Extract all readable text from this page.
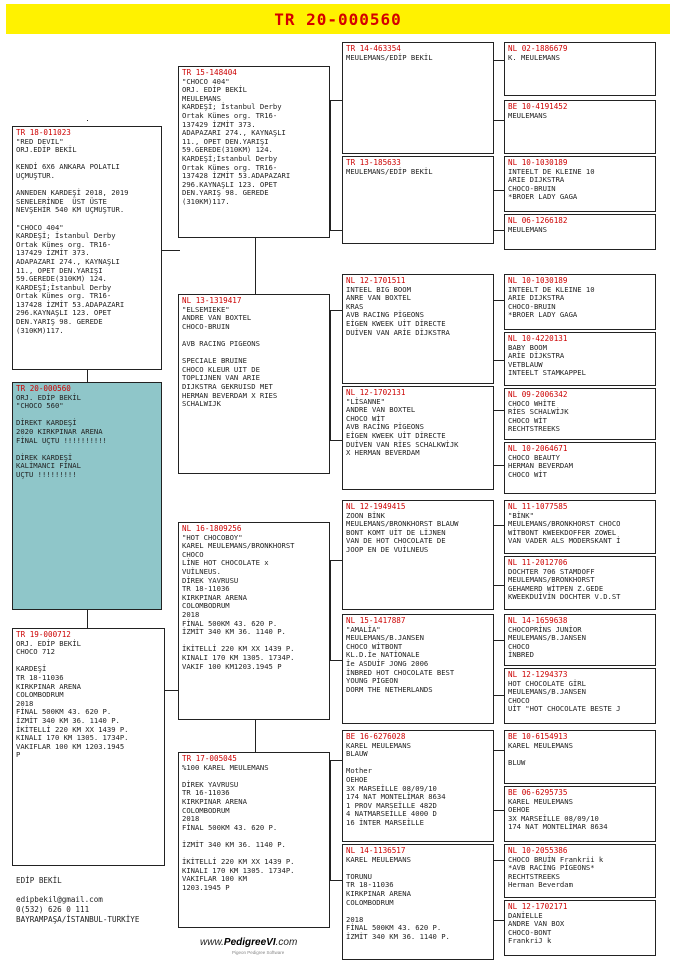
TR 20-000560
TR 18-011023
"RED DEVIL"
ORJ.EDİP BEKİL

KENDİ 6X6 ANKARA POLATLI
UÇMUŞTUR.

ANNEDEN KARDEŞİ 2018, 2019
SENELERİNDE  ÜST ÜSTE
NEVŞEHİR 540 KM UÇMUŞTUR.

"CHOCO 404"
KARDEŞİ; İstanbul Derby
Ortak Kümes org. TR16-
137429 İZMİT 373.
ADAPAZARI 274., KAYNAŞLI
11., OPET DEN.YARIŞI
59.GEREDE(310KM) 124.
KARDEŞİ;İstanbul Derby
Ortak Kümes org. TR16-
137428 İZMİT 53.ADAPAZARI
296.KAYNAŞLI 123. OPET
DEN.YARIŞ 98. GEREDE
(310KM)117.
TR 20-000560
ORJ. EDİP BEKİL
"CHOCO 560"

DİREKT KARDEŞİ
2020 KIRKPINAR ARENA
FİNAL UÇTU !!!!!!!!!!

DİREK KARDEŞİ
KALİMANCI FİNAL
UÇTU !!!!!!!!!
TR 19-000712
ORJ. EDİP BEKİL
CHOCO 712

KARDEŞİ
TR 18-11036
KIRKPINAR ARENA
COLOMBODRUM
2018
FİNAL 500KM 43. 620 P.
İZMİT 340 KM 36. 1140 P.
İKİTELLİ 220 KM XX 1439 P.
KINALI 170 KM 1305. 1734P.
VAKIFLAR 100 KM 1203.1945
P
TR 15-148404
"CHOCO 404"
ORJ. EDİP BEKİL
MEULEMANS
KARDEŞİ; İstanbul Derby
Ortak Kümes org. TR16-
137429 İZMİT 373.
ADAPAZARI 274., KAYNAŞLI
11., OPET DEN.YARIŞI
59.GEREDE(310KM) 124.
KARDEŞİ;İstanbul Derby
Ortak Kümes org. TR16-
137428 İZMİT 53.ADAPAZARI
296.KAYNAŞLI 123. OPET
DEN.YARIŞ 98. GEREDE
(310KM)117.
NL 13-1319417
"ELSEMIEKE"
ANDRE VAN BOXTEL
CHOCO-BRUIN

AVB RACING PIGEONS

SPECIALE BRUINE
CHOCO KLEUR UIT DE
TOPLIJNEN VAN ARIE
DIJKSTRA GEKRUISD MET
HERMAN BEVERDAM X RIES
SCHALWIJK
NL 16-1809256
"HOT CHOCOBOY"
KAREL MEULEMANS/BRONKHORST
CHOCO
LİNE HOT CHOCOLATE x
VUİLNEUS.
DİREK YAVRUSU
TR 18-11036
KIRKPINAR ARENA
COLOMBODRUM
2018
FİNAL 500KM 43. 620 P.
İZMİT 340 KM 36. 1140 P.

İKİTELLİ 220 KM XX 1439 P.
KINALI 170 KM 1305. 1734P.
VAKIF 100 KM1203.1945 P
TR 17-005045
%100 KAREL MEULEMANS

DİREK YAVRUSU
TR 16-11036
KIRKPINAR ARENA
COLOMBODRUM
2018
FİNAL 500KM 43. 620 P.

İZMİT 340 KM 36. 1140 P.

İKİTELLİ 220 KM XX 1439 P.
KINALI 170 KM 1305. 1734P.
VAKIFLAR 100 KM
1203.1945 P
TR 14-463354
MEULEMANS/EDİP BEKİL
TR 13-185633
MEULEMANS/EDİP BEKİL
NL 12-1701511
INTEEL BIG BOOM
ANRE VAN BOXTEL
KRAS
AVB RACING PİGEONS
EİGEN KWEEK UİT DİRECTE
DUİVEN VAN ARİE DİJKSTRA
NL 12-1702131
"LİSANNE"
ANDRE VAN BOXTEL
CHOCO WİT
AVB RACİNG PİGEONS
EİGEN KWEEK UİT DİRECTE
DUİVEN VAN RİES SCHALKWİJK
X HERMAN BEVERDAM
NL 12-1949415
ZOON BİNK
MEULEMANS/BRONKHORST BLAUW
BONT KOMT UİT DE LİJNEN
VAN DE HOT CHOCOLATE DE
JOOP EN DE VUİLNEUS
NL 15-1417887
"AMALİA"
MEULEMANS/B.JANSEN
CHOCO WİTBONT
KL.D.İe NATİONALE
İe ASDUİF JONG 2006
İNBRED HOT CHOCOLATE BEST
YOUNG PİGEON
DORM THE NETHERLANDS
BE 16-6276028
KAREL MEULEMANS
BLAUW

Mother
OEHOE
3X MARSEİLLE 08/09/10
174 NAT MONTELİMAR 8634
1 PROV MARSEİLLE 482D
4 NATMARSEİLLE 4000 D
16 İNTER MARSEİLLE
NL 14-1136517
KAREL MEULEMANS

TORUNU
TR 18-11036
KIRKPINAR ARENA
COLOMBODRUM

2018
FİNAL 500KM 43. 620 P.
İZMİT 340 KM 36. 1140 P.
NL 02-1886679
K. MEULEMANS
BE 10-4191452
MEULEMANS
NL 10-1030189
INTEELT DE KLEINE 10
ARIE DIJKSTRA
CHOCO-BRUIN
*BROER LADY GAGA
NL 06-1266182
MEULEMANS
NL 10-1030189
INTEELT DE KLEINE 10
ARIE DIJKSTRA
CHOCO-BRUIN
*BROER LADY GAGA
NL 10-4220131
BABY BOOM
ARİE DİJKSTRA
VETBLAUW
INTEELT STAMKAPPEL
NL 09-2006342
CHOCO WHİTE
RİES SCHALWİJK
CHOCO WİT
RECHTSTREEKS
NL 10-2064671
CHOCO BEAUTY
HERMAN BEVERDAM
CHOCO WİT
NL 11-1077585
"BİNK"
MEULEMANS/BRONKHORST CHOCO
WİTBONT KWEEKDOFFER ZOWEL
VAN VADER ALS MODERSKANT İ
NL 11-2012706
DOCHTER 706 STAMDOFF
MEULEMANS/BRONKHORST
GEHAMERD WİTPEN Z.GEDE
KWEEKDUİVİN DOCHTER V.D.ST
NL 14-1659638
CHOCOPRİNS JUNİOR
MEULEMANS/B.JANSEN
CHOCO
İNBRED
NL 12-1294373
HOT CHOCOLATE GİRL
MEULEMANS/B.JANSEN
CHOCO
UİT "HOT CHOCOLATE BESTE J
BE 10-6154913
KAREL MEULEMANS

BLUW
BE 06-6295735
KAREL MEULEMANS
OEHOE
3X MARSEİLLE 08/09/10
174 NAT MONTELİMAR 8634
NL 10-2055386
CHOCO BRUİN Frankrii k
*AVB RACİNG PİGEONS*
RECHTSTREEKS
Herman Beverdam
NL 12-1702171
DANİELLE
ANDRE VAN BOX
CHOCO-BONT
FrankriJ k
EDİP BEKİL
edipbekil@gmail.com
0(532) 626 0 111
BAYRAMPAŞA/İSTANBUL-TURKİYE
www.PedigreeVI.com
Pigeon Pedigree Software
